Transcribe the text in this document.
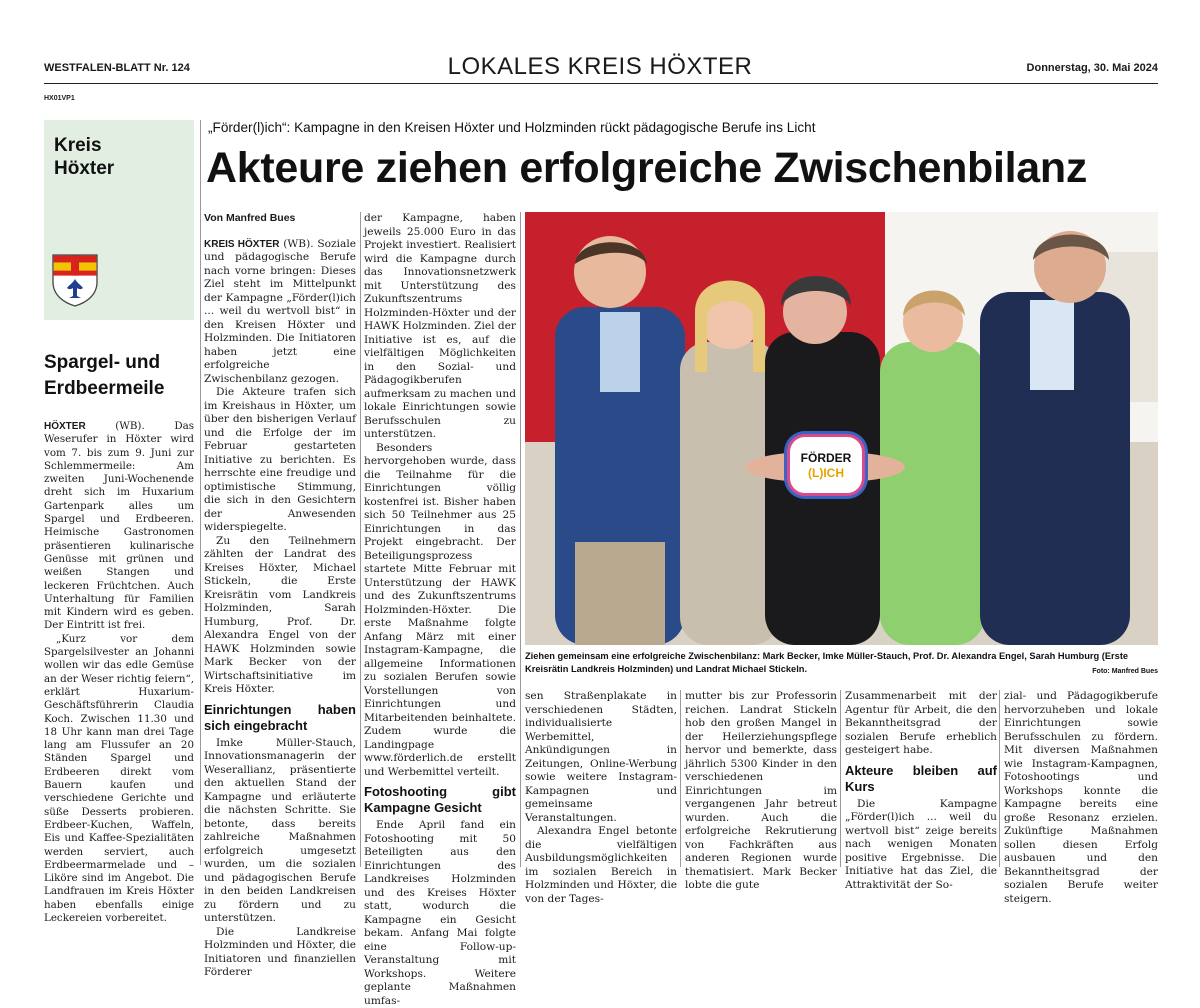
WESTFALEN-BLATT Nr. 124	LOKALES KREIS HÖXTER	Donnerstag, 30. Mai 2024
HX01VP1
Kreis
Höxter
Spargel- und Erdbeermeile

HÖXTER (WB). Das Weserufer in Höxter wird vom 7. bis zum 9. Juni zur Schlemmermeile: Am zweiten Juni-Wochenende dreht sich im Huxarium Gartenpark alles um Spargel und Erdbeeren. Heimische Gastronomen präsentieren kulinarische Genüsse mit grünen und weißen Stangen und leckeren Früchtchen. Auch Unterhaltung für Familien mit Kindern wird es geben. Der Eintritt ist frei.

„Kurz vor dem Spargelsilvester an Johanni wollen wir das edle Gemüse an der Weser richtig feiern“, erklärt Huxarium-Geschäftsführerin Claudia Koch. Zwischen 11.30 und 18 Uhr kann man drei Tage lang am Flussufer an 20 Ständen Spargel und Erdbeeren direkt vom Bauern kaufen und verschiedene Gerichte und süße Desserts probieren. Erdbeer-Kuchen, Waffeln, Eis und Kaffee-Spezialitäten werden serviert, auch Erdbeermarmelade und – Liköre sind im Angebot. Die Landfrauen im Kreis Höxter haben ebenfalls einige Leckereien vorbereitet.

„Förder(l)ich“: Kampagne in den Kreisen Höxter und Holzminden rückt pädagogische Berufe ins Licht
Akteure ziehen erfolgreiche Zwischenbilanz
Von Manfred Bues

KREIS HÖXTER (WB). Soziale und pädagogische Berufe nach vorne bringen: Dieses Ziel steht im Mittelpunkt der Kampagne „Förder(l)ich ... weil du wertvoll bist“ in den Kreisen Höxter und Holzminden. Die Initiatoren haben jetzt eine erfolgreiche Zwischenbilanz gezogen.

Die Akteure trafen sich im Kreishaus in Höxter, um über den bisherigen Verlauf und die Erfolge der im Februar gestarteten Initiative zu berichten. Es herrschte eine freudige und optimistische Stimmung, die sich in den Gesichtern der Anwesenden widerspiegelte.

Zu den Teilnehmern zählten der Landrat des Kreises Höxter, Michael Stickeln, die Erste Kreisrätin vom Landkreis Holzminden, Sarah Humburg, Prof. Dr. Alexandra Engel von der HAWK Holzminden sowie Mark Becker von der Wirtschaftsinitiative im Kreis Höxter.

Einrichtungen haben sich eingebracht

Imke Müller-Stauch, Innovationsmanagerin der Weserallianz, präsentierte den aktuellen Stand der Kampagne und erläuterte die nächsten Schritte. Sie betonte, dass bereits zahlreiche Maßnahmen erfolgreich umgesetzt wurden, um die sozialen und pädagogischen Berufe in den beiden Landkreisen zu fördern und zu unterstützen.

Die Landkreise Holzminden und Höxter, die Initiatoren und finanziellen Förderer

der Kampagne, haben jeweils 25.000 Euro in das Projekt investiert. Realisiert wird die Kampagne durch das Innovationsnetzwerk mit Unterstützung des Zukunftszentrums Holzminden-Höxter und der HAWK Holzminden. Ziel der Initiative ist es, auf die vielfältigen Möglichkeiten in den Sozial- und Pädagogikberufen aufmerksam zu machen und lokale Einrichtungen sowie Berufsschulen zu unterstützen.

Besonders hervorgehoben wurde, dass die Teilnahme für die Einrichtungen völlig kostenfrei ist. Bisher haben sich 50 Teilnehmer aus 25 Einrichtungen in das Projekt eingebracht. Der Beteiligungsprozess startete Mitte Februar mit Unterstützung der HAWK und des Zukunftszentrums Holzminden-Höxter. Die erste Maßnahme folgte Anfang März mit einer Instagram-Kampagne, die allgemeine Informationen zu sozialen Berufen sowie Vorstellungen von Einrichtungen und Mitarbeitenden beinhaltete. Zudem wurde die Landingpage www.förderlich.de erstellt und Werbemittel verteilt.

Fotoshooting gibt Kampagne Gesicht

Ende April fand ein Fotoshooting mit 50 Beteiligten aus den Einrichtungen des Landkreises Holzminden und des Kreises Höxter statt, wodurch die Kampagne ein Gesicht bekam. Anfang Mai folgte eine Follow-up-Veranstaltung mit Workshops. Weitere geplante Maßnahmen umfas-

FÖRDER
(L)ICH
Ziehen gemeinsam eine erfolgreiche Zwischenbilanz: Mark Becker, Imke Müller-Stauch, Prof. Dr. Alexandra Engel, Sarah Humburg (Erste Kreisrätin Landkreis Holzminden) und Landrat Michael Stickeln.	Foto: Manfred Bues

sen Straßenplakate in verschiedenen Städten, individualisierte Werbemittel, Ankündigungen in Zeitungen, Online-Werbung sowie weitere Instagram-Kampagnen und gemeinsame Veranstaltungen.

Alexandra Engel betonte die vielfältigen Ausbildungsmöglichkeiten im sozialen Bereich in Holzminden und Höxter, die von der Tages-

mutter bis zur Professorin reichen. Landrat Stickeln hob den großen Mangel in der Heilerziehungspflege hervor und bemerkte, dass jährlich 5300 Kinder in den verschiedenen Einrichtungen im vergangenen Jahr betreut wurden. Auch die erfolgreiche Rekrutierung von Fachkräften aus anderen Regionen wurde thematisiert. Mark Becker lobte die gute

Zusammenarbeit mit der Agentur für Arbeit, die den Bekanntheitsgrad der sozialen Berufe erheblich gesteigert habe.

Akteure bleiben auf Kurs

Die Kampagne „Förder(l)ich ... weil du wertvoll bist“ zeige bereits nach wenigen Monaten positive Ergebnisse. Die Initiative hat das Ziel, die Attraktivität der So-

zial- und Pädagogikberufe hervorzuheben und lokale Einrichtungen sowie Berufsschulen zu fördern. Mit diversen Maßnahmen wie Instagram-Kampagnen, Fotoshootings und Workshops konnte die Kampagne bereits eine große Resonanz erzielen. Zukünftige Maßnahmen sollen diesen Erfolg ausbauen und den Bekanntheitsgrad der sozialen Berufe weiter steigern.
